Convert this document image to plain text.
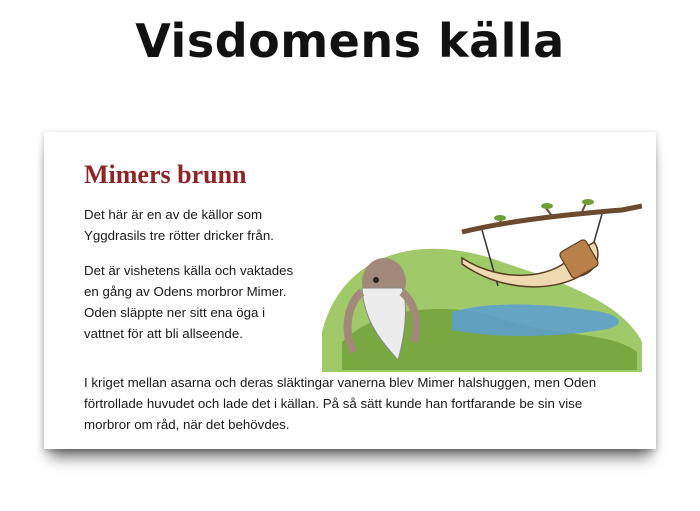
Visdomens källa
Mimers brunn
Det här är en av de källor som Yggdrasils tre rötter dricker från.
Det är vishetens källa och vaktades en gång av Odens morbror Mimer. Oden släppte ner sitt ena öga i vattnet för att bli allseende.
I kriget mellan asarna och deras släktingar vanerna blev Mimer halshuggen, men Oden förtrollade huvudet och lade det i källan. På så sätt kunde han fortfarande be sin vise morbror om råd, när det behövdes.
